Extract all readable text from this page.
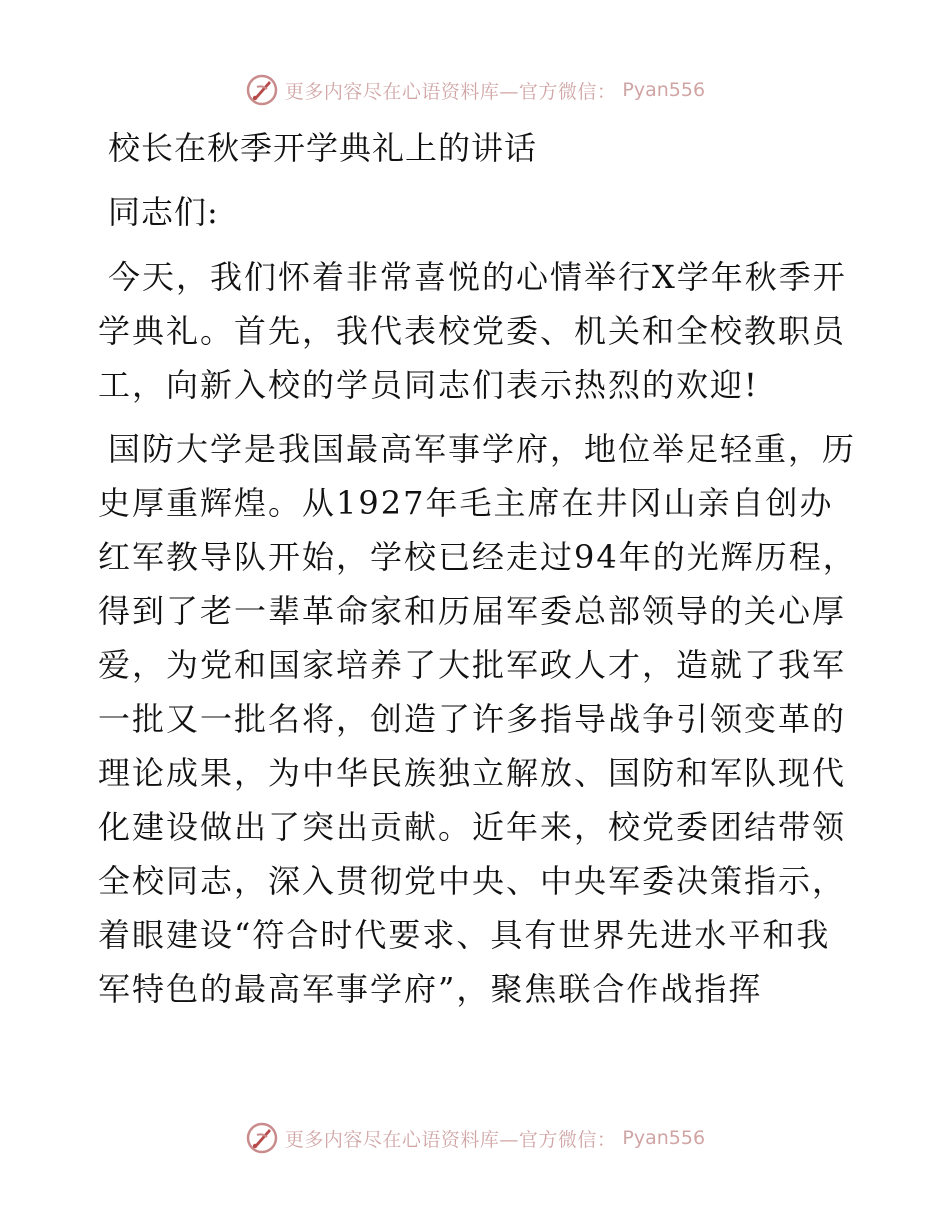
更多内容尽在心语资料库—官方微信： Pyan556
校长在秋季开学典礼上的讲话
同志们:

今天，我们怀着非常喜悦的心情举行X学年秋季开学典礼。首先，我代表校党委、机关和全校教职员工，向新入校的学员同志们表示热烈的欢迎!

国防大学是我国最高军事学府，地位举足轻重，历史厚重辉煌。从1927年毛主席在井冈山亲自创办红军教导队开始，学校已经走过94年的光辉历程，得到了老一辈革命家和历届军委总部领导的关心厚爱，为党和国家培养了大批军政人才，造就了我军一批又一批名将，创造了许多指导战争引领变革的理论成果，为中华民族独立解放、国防和军队现代化建设做出了突出贡献。近年来，校党委团结带领全校同志，深入贯彻党中央、中央军委决策指示，着眼建设“符合时代要求、具有世界先进水平和我军特色的最高军事学府”，聚焦联合作战指挥

更多内容尽在心语资料库—官方微信： Pyan556
